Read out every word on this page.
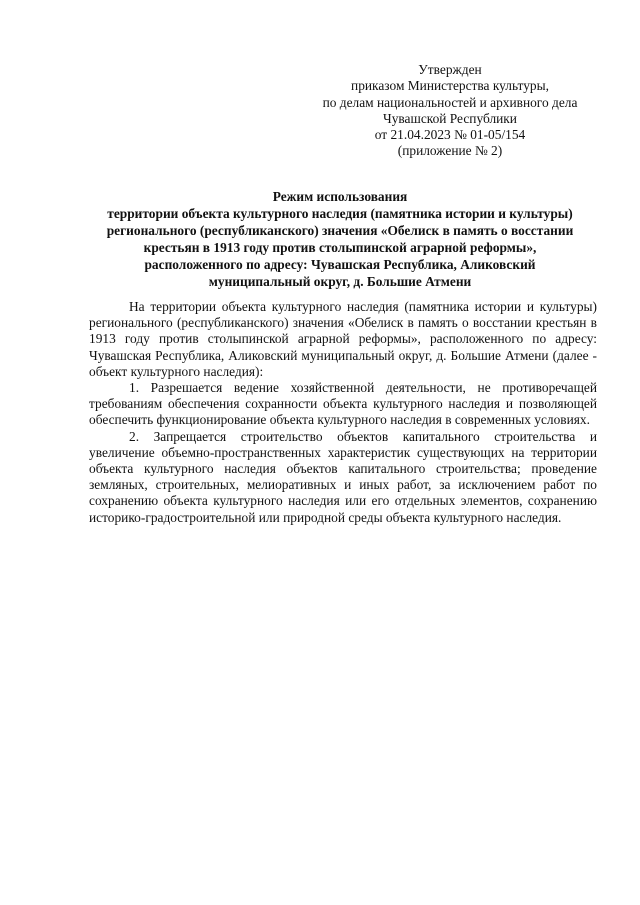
Утвержден
приказом Министерства культуры,
по делам национальностей и архивного дела
Чувашской Республики
от 21.04.2023 № 01-05/154
(приложение № 2)
Режим использования
территории объекта культурного наследия (памятника истории и культуры)
регионального (республиканского) значения «Обелиск в память о восстании
крестьян в 1913 году против столыпинской аграрной реформы»,
расположенного по адресу: Чувашская Республика, Аликовский
муниципальный округ, д. Большие Атмени

На территории объекта культурного наследия (памятника истории и культуры) регионального (республиканского) значения «Обелиск в память о восстании крестьян в 1913 году против столыпинской аграрной реформы», расположенного по адресу: Чувашская Республика, Аликовский муниципальный округ, д. Большие Атмени (далее - объект культурного наследия):

1. Разрешается ведение хозяйственной деятельности, не противоречащей требованиям обеспечения сохранности объекта культурного наследия и позволяющей обеспечить функционирование объекта культурного наследия в современных условиях.

2. Запрещается строительство объектов капитального строительства и увеличение объемно-пространственных характеристик существующих на территории объекта культурного наследия объектов капитального строительства; проведение земляных, строительных, мелиоративных и иных работ, за исключением работ по сохранению объекта культурного наследия или его отдельных элементов, сохранению историко-градостроительной или природной среды объекта культурного наследия.
